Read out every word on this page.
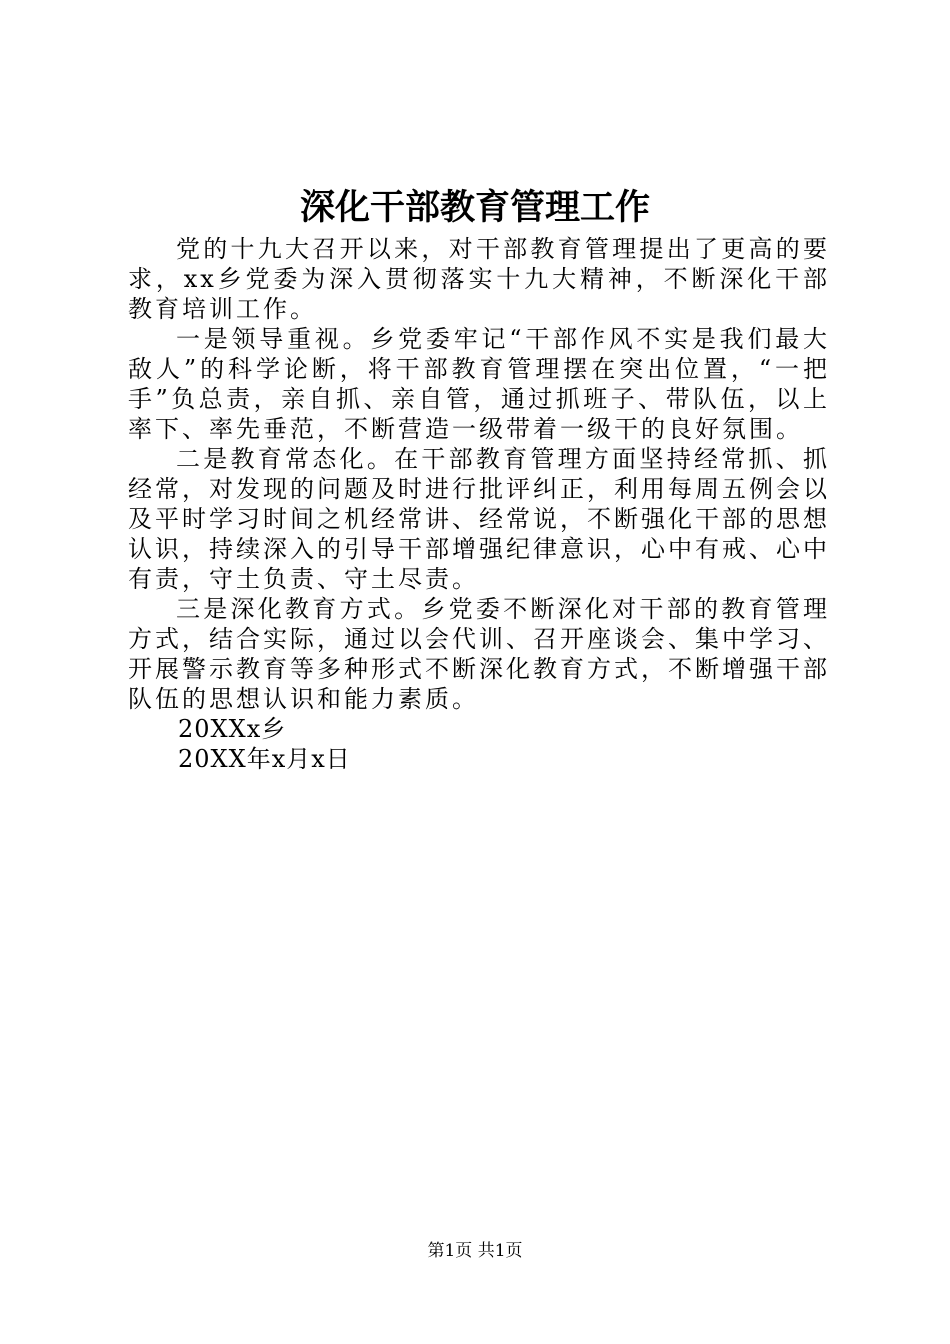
深化干部教育管理工作

党的十九大召开以来，对干部教育管理提出了更高的要求，xx乡党委为深入贯彻落实十九大精神，不断深化干部教育培训工作。

一是领导重视。乡党委牢记“干部作风不实是我们最大敌人”的科学论断，将干部教育管理摆在突出位置，“一把手”负总责，亲自抓、亲自管，通过抓班子、带队伍，以上率下、率先垂范，不断营造一级带着一级干的良好氛围。

二是教育常态化。在干部教育管理方面坚持经常抓、抓经常，对发现的问题及时进行批评纠正，利用每周五例会以及平时学习时间之机经常讲、经常说，不断强化干部的思想认识，持续深入的引导干部增强纪律意识，心中有戒、心中有责，守土负责、守土尽责。

三是深化教育方式。乡党委不断深化对干部的教育管理方式，结合实际，通过以会代训、召开座谈会、集中学习、开展警示教育等多种形式不断深化教育方式，不断增强干部队伍的思想认识和能力素质。

20XXx乡

20XX年x月x日

第1页 共1页
